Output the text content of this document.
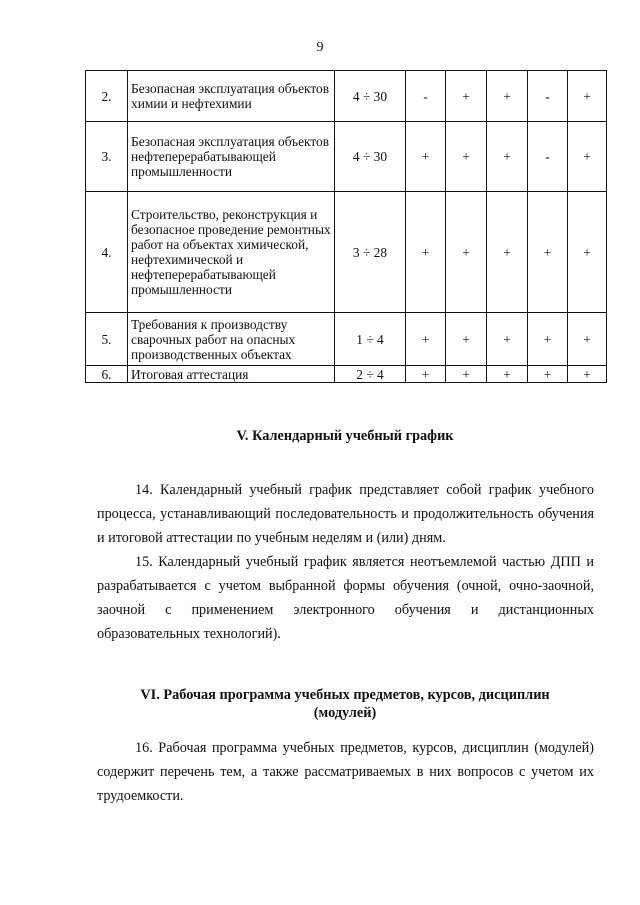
9
2.	Безопасная эксплуатация объектов химии и нефтехимии	4 ÷ 30	-	+	+	-	+
3.	Безопасная эксплуатация объектов нефтеперерабатывающей промышленности	4 ÷ 30	+	+	+	-	+
4.	Строительство, реконструкция и безопасное проведение ремонтных работ на объектах химической, нефтехимической и нефтеперерабатывающей промышленности	3 ÷ 28	+	+	+	+	+
5.	Требования к производству сварочных работ на опасных производственных объектах	1 ÷ 4	+	+	+	+	+
6.	Итоговая аттестация	2 ÷ 4	+	+	+	+	+
V. Календарный учебный график
14. Календарный учебный график представляет собой график учебного процесса, устанавливающий последовательность и продолжительность обучения и итоговой аттестации по учебным неделям и (или) дням.
15. Календарный учебный график является неотъемлемой частью ДПП и разрабатывается с учетом выбранной формы обучения (очной, очно-заочной, заочной с применением электронного обучения и дистанционных образовательных технологий).
VI. Рабочая программа учебных предметов, курсов, дисциплин (модулей)
16. Рабочая программа учебных предметов, курсов, дисциплин (модулей) содержит перечень тем, а также рассматриваемых в них вопросов с учетом их трудоемкости.
